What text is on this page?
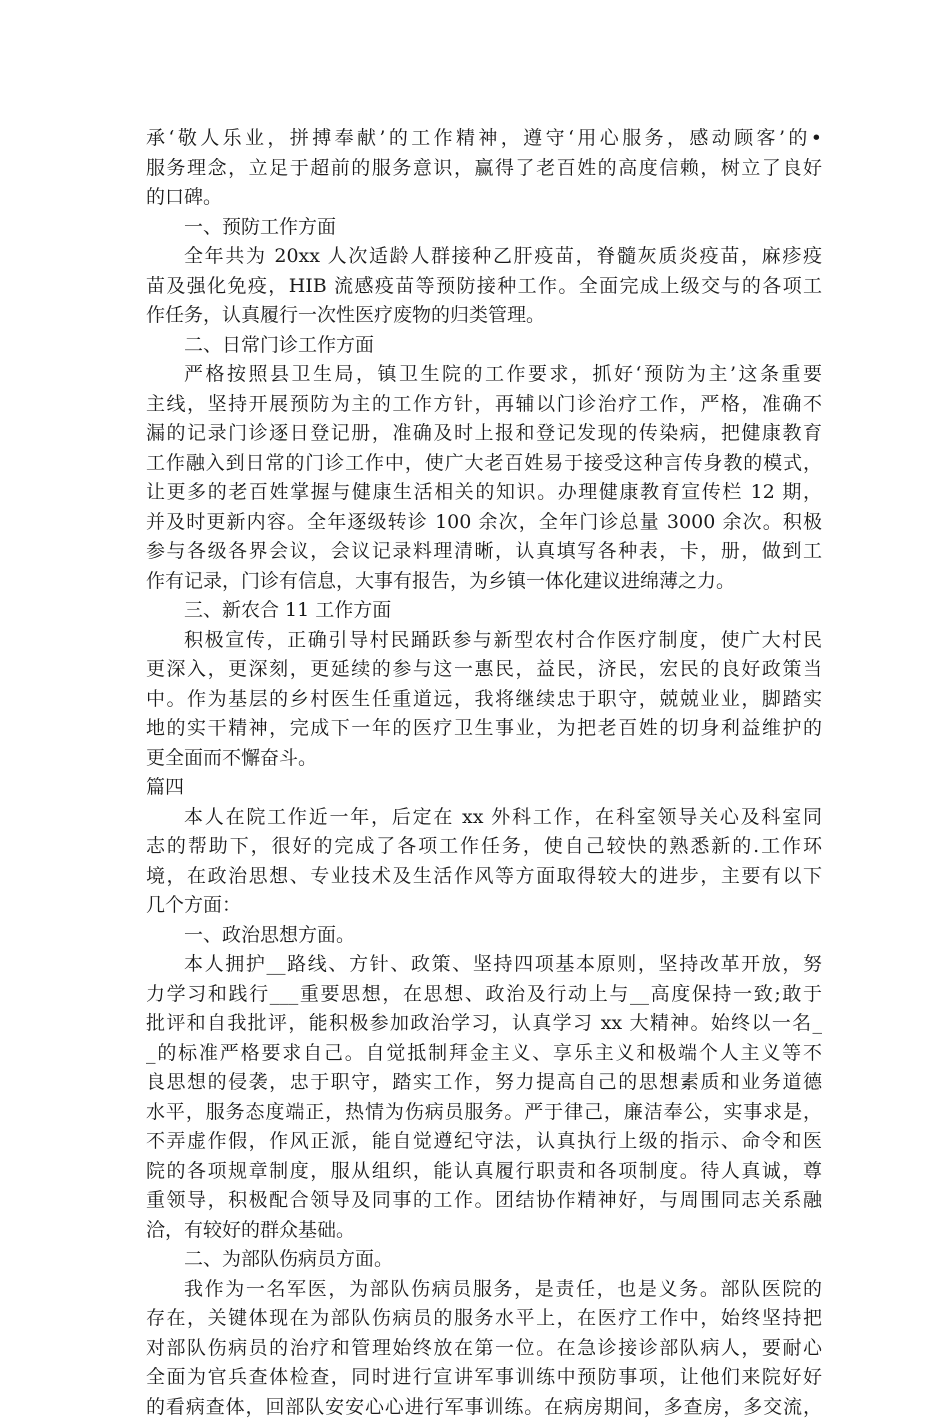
承‘敬人乐业，拼搏奉献’的工作精神，遵守‘用心服务，感动顾客’的•
服务理念，立足于超前的服务意识，赢得了老百姓的高度信赖，树立了良好
的口碑。
一、预防工作方面
全年共为 20xx 人次适龄人群接种乙肝疫苗，脊髓灰质炎疫苗，麻疹疫
苗及强化免疫，HIB 流感疫苗等预防接种工作。全面完成上级交与的各项工
作任务，认真履行一次性医疗废物的归类管理。
二、日常门诊工作方面
严格按照县卫生局，镇卫生院的工作要求，抓好‘预防为主’这条重要
主线，坚持开展预防为主的工作方针，再辅以门诊治疗工作，严格，准确不
漏的记录门诊逐日登记册，准确及时上报和登记发现的传染病，把健康教育
工作融入到日常的门诊工作中，使广大老百姓易于接受这种言传身教的模式，
让更多的老百姓掌握与健康生活相关的知识。办理健康教育宣传栏 12 期，
并及时更新内容。全年逐级转诊 100 余次，全年门诊总量 3000 余次。积极
参与各级各界会议，会议记录料理清晰，认真填写各种表，卡，册，做到工
作有记录，门诊有信息，大事有报告，为乡镇一体化建议进绵薄之力。
三、新农合 11 工作方面
积极宣传，正确引导村民踊跃参与新型农村合作医疗制度，使广大村民
更深入，更深刻，更延续的参与这一惠民，益民，济民，宏民的良好政策当
中。作为基层的乡村医生任重道远，我将继续忠于职守，兢兢业业，脚踏实
地的实干精神，完成下一年的医疗卫生事业，为把老百姓的切身利益维护的
更全面而不懈奋斗。
篇四
本人在院工作近一年，后定在 xx 外科工作，在科室领导关心及科室同
志的帮助下，很好的完成了各项工作任务，使自己较快的熟悉新的.工作环
境，在政治思想、专业技术及生活作风等方面取得较大的进步，主要有以下
几个方面：
一、政治思想方面。
本人拥护__路线、方针、政策、坚持四项基本原则，坚持改革开放，努
力学习和践行___重要思想，在思想、政治及行动上与__高度保持一致;敢于
批评和自我批评，能积极参加政治学习，认真学习 xx 大精神。始终以一名_
_的标准严格要求自己。自觉抵制拜金主义、享乐主义和极端个人主义等不
良思想的侵袭，忠于职守，踏实工作，努力提高自己的思想素质和业务道德
水平，服务态度端正，热情为伤病员服务。严于律己，廉洁奉公，实事求是，
不弄虚作假，作风正派，能自觉遵纪守法，认真执行上级的指示、命令和医
院的各项规章制度，服从组织，能认真履行职责和各项制度。待人真诚，尊
重领导，积极配合领导及同事的工作。团结协作精神好，与周围同志关系融
洽，有较好的群众基础。
二、为部队伤病员方面。
我作为一名军医，为部队伤病员服务，是责任，也是义务。部队医院的
存在，关键体现在为部队伤病员的服务水平上，在医疗工作中，始终坚持把
对部队伤病员的治疗和管理始终放在第一位。在急诊接诊部队病人，要耐心
全面为官兵查体检查，同时进行宣讲军事训练中预防事项，让他们来院好好
的看病查体，回部队安安心心进行军事训练。在病房期间，多查房，多交流，
